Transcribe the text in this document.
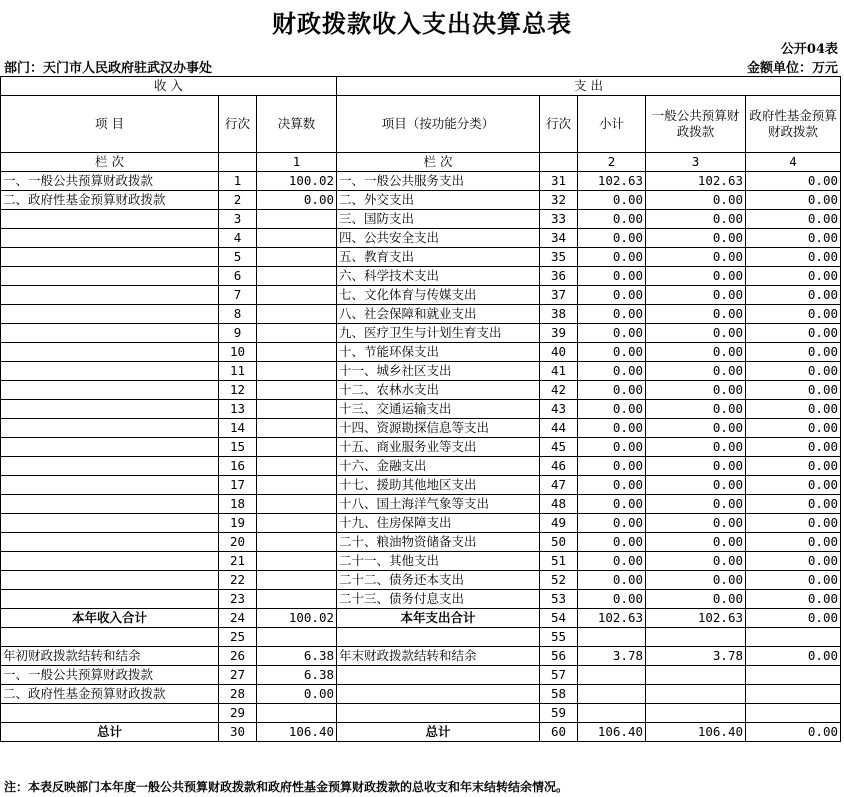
财政拨款收入支出决算总表
公开04表
部门：天门市人民政府驻武汉办事处	金额单位：万元
收 入			支 出				
项 目	行次	决算数	项目（按功能分类）	行次	小计	一般公共预算财政拨款	政府性基金预算财政拨款
栏 次		1	栏 次		2	3	4
一、一般公共预算财政拨款	1	100.02	一、一般公共服务支出	31	102.63	102.63	0.00
二、政府性基金预算财政拨款	2	0.00	二、外交支出	32	0.00	0.00	0.00
	3		三、国防支出	33	0.00	0.00	0.00
	4		四、公共安全支出	34	0.00	0.00	0.00
	5		五、教育支出	35	0.00	0.00	0.00
	6		六、科学技术支出	36	0.00	0.00	0.00
	7		七、文化体育与传媒支出	37	0.00	0.00	0.00
	8		八、社会保障和就业支出	38	0.00	0.00	0.00
	9		九、医疗卫生与计划生育支出	39	0.00	0.00	0.00
	10		十、节能环保支出	40	0.00	0.00	0.00
	11		十一、城乡社区支出	41	0.00	0.00	0.00
	12		十二、农林水支出	42	0.00	0.00	0.00
	13		十三、交通运输支出	43	0.00	0.00	0.00
	14		十四、资源勘探信息等支出	44	0.00	0.00	0.00
	15		十五、商业服务业等支出	45	0.00	0.00	0.00
	16		十六、金融支出	46	0.00	0.00	0.00
	17		十七、援助其他地区支出	47	0.00	0.00	0.00
	18		十八、国土海洋气象等支出	48	0.00	0.00	0.00
	19		十九、住房保障支出	49	0.00	0.00	0.00
	20		二十、粮油物资储备支出	50	0.00	0.00	0.00
	21		二十一、其他支出	51	0.00	0.00	0.00
	22		二十二、债务还本支出	52	0.00	0.00	0.00
	23		二十三、债务付息支出	53	0.00	0.00	0.00
本年收入合计	24	100.02	本年支出合计	54	102.63	102.63	0.00
	25			55			
年初财政拨款结转和结余	26	6.38	年末财政拨款结转和结余	56	3.78	3.78	0.00
一、一般公共预算财政拨款	27	6.38		57			
二、政府性基金预算财政拨款	28	0.00		58			
	29			59			
总计	30	106.40	总计	60	106.40	106.40	0.00
注：本表反映部门本年度一般公共预算财政拨款和政府性基金预算财政拨款的总收支和年末结转结余情况。
